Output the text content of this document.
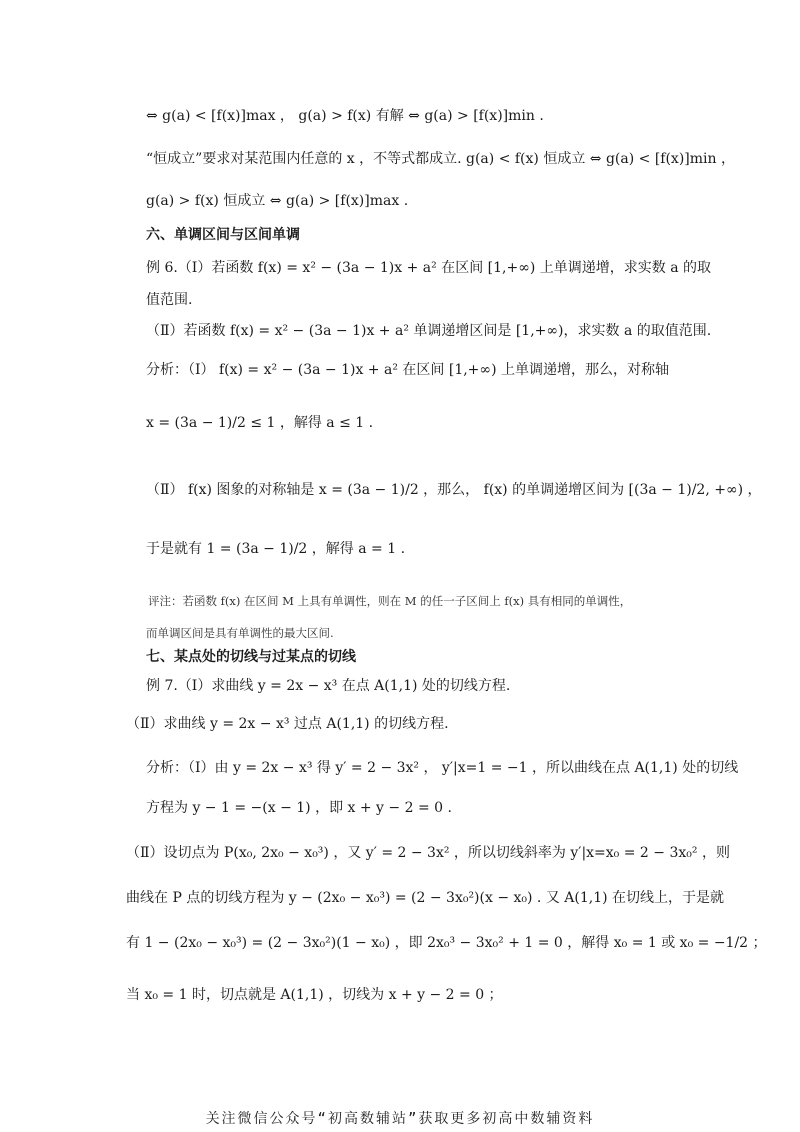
⇔ g(a) < [f(x)]max ， g(a) > f(x) 有解 ⇔ g(a) > [f(x)]min .
“恒成立”要求对某范围内任意的 x ，不等式都成立. g(a) < f(x) 恒成立 ⇔ g(a) < [f(x)]min ，
g(a) > f(x) 恒成立 ⇔ g(a) > [f(x)]max .
六、单调区间与区间单调
例 6.（Ⅰ）若函数 f(x) = x² − (3a − 1)x + a² 在区间 [1,+∞) 上单调递增，求实数 a 的取
值范围.
（Ⅱ）若函数 f(x) = x² − (3a − 1)x + a² 单调递增区间是 [1,+∞)，求实数 a 的取值范围.
分析：（Ⅰ） f(x) = x² − (3a − 1)x + a² 在区间 [1,+∞) 上单调递增，那么，对称轴
x = (3a − 1)/2 ≤ 1 ，解得 a ≤ 1 .
（Ⅱ） f(x) 图象的对称轴是 x = (3a − 1)/2 ，那么， f(x) 的单调递增区间为 [(3a − 1)/2, +∞) ，
于是就有 1 = (3a − 1)/2 ，解得 a = 1 .
评注：若函数 f(x) 在区间 M 上具有单调性，则在 M 的任一子区间上 f(x) 具有相同的单调性，
而单调区间是具有单调性的最大区间.
七、某点处的切线与过某点的切线
例 7.（Ⅰ）求曲线 y = 2x − x³ 在点 A(1,1) 处的切线方程.
（Ⅱ）求曲线 y = 2x − x³ 过点 A(1,1) 的切线方程.
分析：（Ⅰ）由 y = 2x − x³ 得 y′ = 2 − 3x² ， y′|x=1 = −1 ，所以曲线在点 A(1,1) 处的切线
方程为 y − 1 = −(x − 1) ，即 x + y − 2 = 0 .
（Ⅱ）设切点为 P(x₀, 2x₀ − x₀³) ，又 y′ = 2 − 3x² ，所以切线斜率为 y′|x=x₀ = 2 − 3x₀² ，则
曲线在 P 点的切线方程为 y − (2x₀ − x₀³) = (2 − 3x₀²)(x − x₀) . 又 A(1,1) 在切线上，于是就
有 1 − (2x₀ − x₀³) = (2 − 3x₀²)(1 − x₀) ，即 2x₀³ − 3x₀² + 1 = 0 ，解得 x₀ = 1 或 x₀ = −1/2 ；
当 x₀ = 1 时，切点就是 A(1,1) ，切线为 x + y − 2 = 0 ；
关注微信公众号“初高数辅站”获取更多初高中数辅资料
